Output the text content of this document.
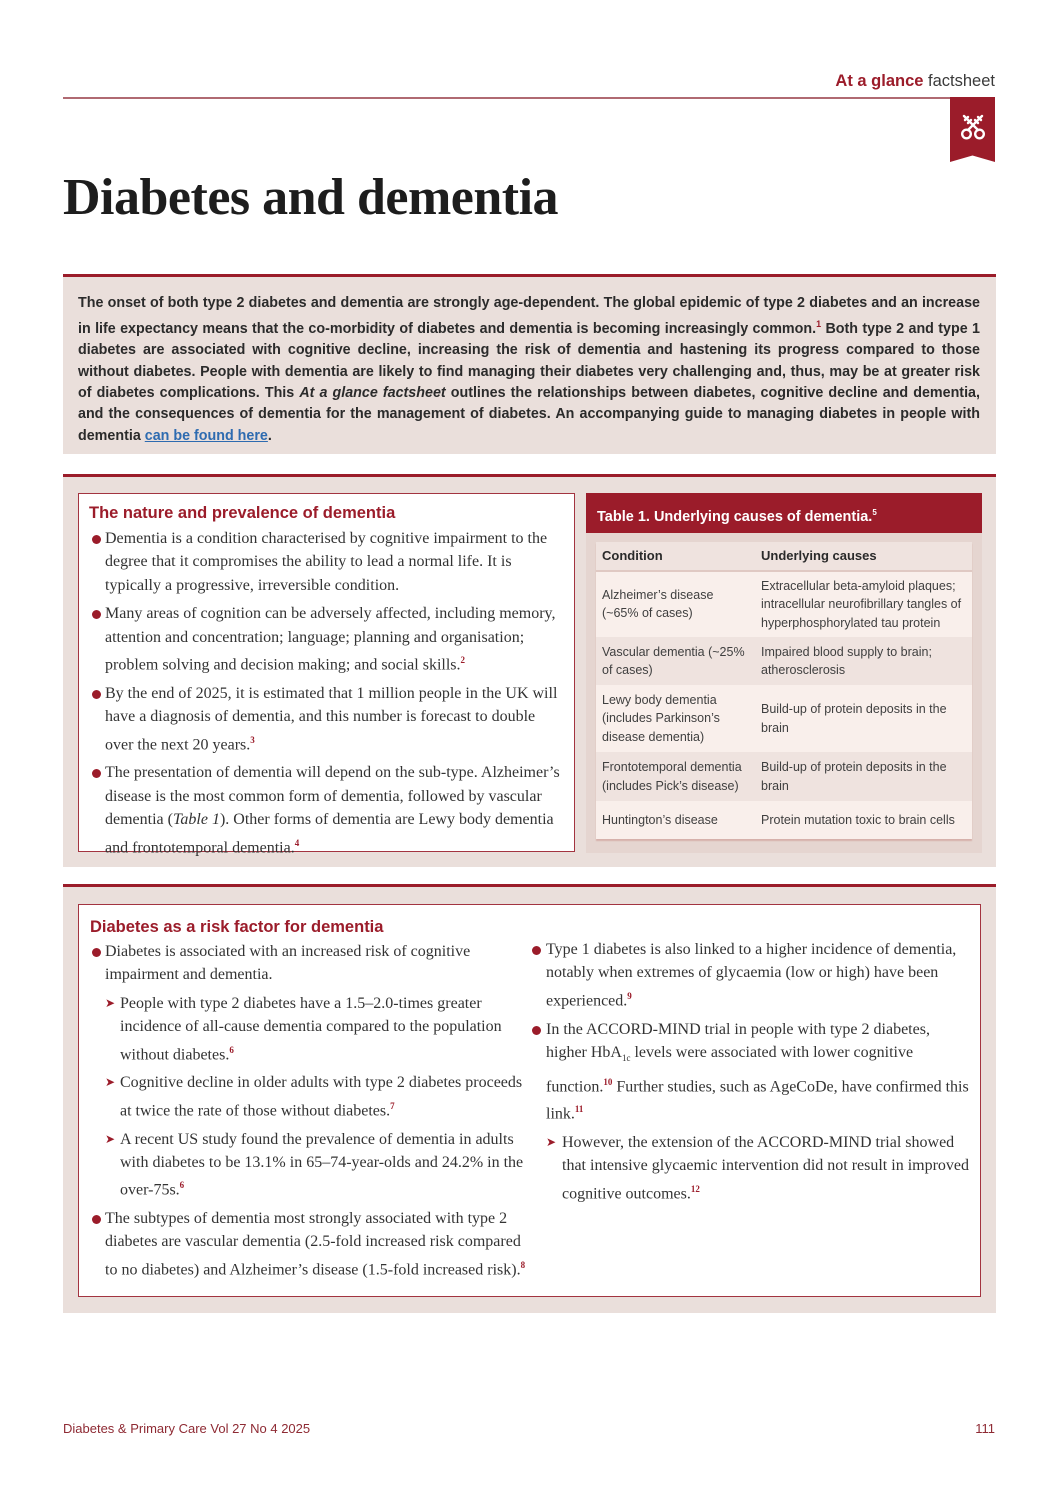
At a glance factsheet
Diabetes and dementia
The onset of both type 2 diabetes and dementia are strongly age-dependent. The global epidemic of type 2 diabetes and an increase in life expectancy means that the co-morbidity of diabetes and dementia is becoming increasingly common.$^1$ Both type 2 and type 1 diabetes are associated with cognitive decline, increasing the risk of dementia and hastening its progress compared to those without diabetes. People with dementia are likely to find managing their diabetes very challenging and, thus, may be at greater risk of diabetes complications. This At a glance factsheet outlines the relationships between diabetes, cognitive decline and dementia, and the consequences of dementia for the management of diabetes. An accompanying guide to managing diabetes in people with dementia can be found here.
The nature and prevalence of dementia
Dementia is a condition characterised by cognitive impairment to the degree that it compromises the ability to lead a normal life. It is typically a progressive, irreversible condition.
Many areas of cognition can be adversely affected, including memory, attention and concentration; language; planning and organisation; problem solving and decision making; and social skills.$^2$
By the end of 2025, it is estimated that 1 million people in the UK will have a diagnosis of dementia, and this number is forecast to double over the next 20 years.$^3$
The presentation of dementia will depend on the sub-type. Alzheimer’s disease is the most common form of dementia, followed by vascular dementia (Table 1). Other forms of dementia are Lewy body dementia and frontotemporal dementia.$^4$
Table 1. Underlying causes of dementia.$^5$
Condition	Underlying causes
Alzheimer’s disease (~65% of cases)	Extracellular beta-amyloid plaques; intracellular neurofibrillary tangles of hyperphosphorylated tau protein
Vascular dementia (~25% of cases)	Impaired blood supply to brain; atherosclerosis
Lewy body dementia (includes Parkinson’s disease dementia)	Build-up of protein deposits in the brain
Frontotemporal dementia (includes Pick’s disease)	Build-up of protein deposits in the brain
Huntington’s disease	Protein mutation toxic to brain cells
Diabetes as a risk factor for dementia
Diabetes is associated with an increased risk of cognitive impairment and dementia.
➤ People with type 2 diabetes have a 1.5–2.0-times greater incidence of all-cause dementia compared to the population without diabetes.$^6$
➤ Cognitive decline in older adults with type 2 diabetes proceeds at twice the rate of those without diabetes.$^7$
➤ A recent US study found the prevalence of dementia in adults with diabetes to be 13.1% in 65–74-year-olds and 24.2% in the over-75s.$^6$
The subtypes of dementia most strongly associated with type 2 diabetes are vascular dementia (2.5-fold increased risk compared to no diabetes) and Alzheimer’s disease (1.5-fold increased risk).$^8$
Type 1 diabetes is also linked to a higher incidence of dementia, notably when extremes of glycaemia (low or high) have been experienced.$^9$
In the ACCORD-MIND trial in people with type 2 diabetes, higher HbA$_{1c}$ levels were associated with lower cognitive function.$^{10}$ Further studies, such as AgeCoDe, have confirmed this link.$^{11}$
➤ However, the extension of the ACCORD-MIND trial showed that intensive glycaemic intervention did not result in improved cognitive outcomes.$^{12}$
Diabetes & Primary Care Vol 27 No 4 2025	111
